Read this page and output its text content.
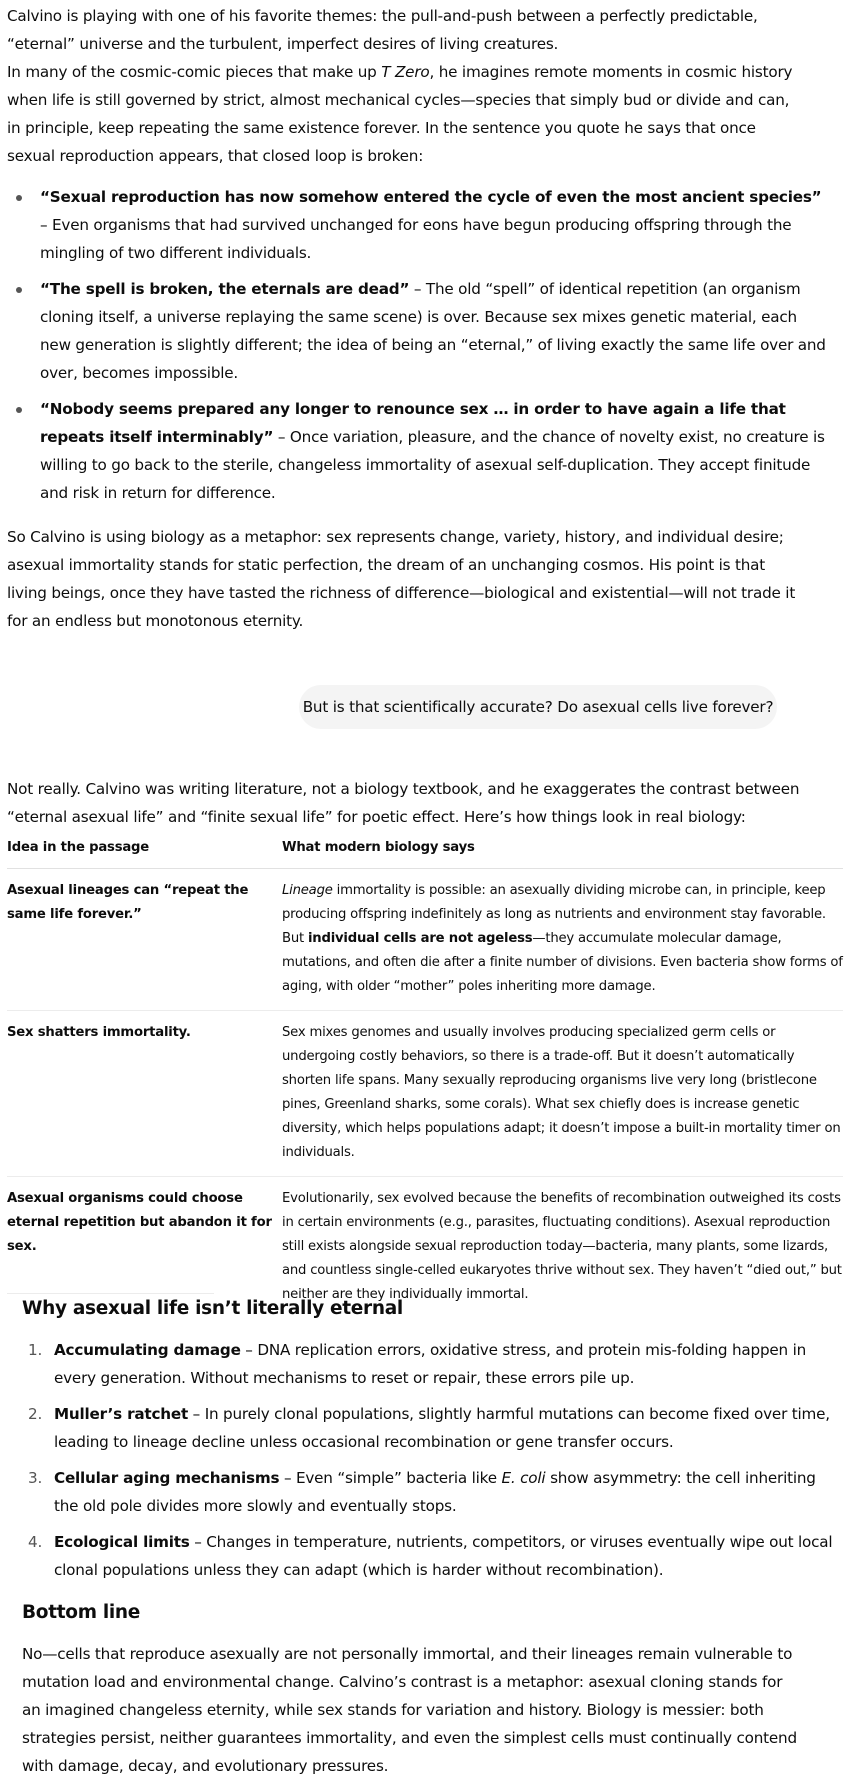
Calvino is playing with one of his favorite themes: the pull-and-push between a perfectly predictable, “eternal” universe and the turbulent, imperfect desires of living creatures.

In many of the cosmic-comic pieces that make up T Zero, he imagines remote moments in cosmic history when life is still governed by strict, almost mechanical cycles—species that simply bud or divide and can, in principle, keep repeating the same existence forever. In the sentence you quote he says that once sexual reproduction appears, that closed loop is broken:

“Sexual reproduction has now somehow entered the cycle of even the most ancient species” – Even organisms that had survived unchanged for eons have begun producing offspring through the mingling of two different individuals.
“The spell is broken, the eternals are dead” – The old “spell” of identical repetition (an organism cloning itself, a universe replaying the same scene) is over. Because sex mixes genetic material, each new generation is slightly different; the idea of being an “eternal,” of living exactly the same life over and over, becomes impossible.
“Nobody seems prepared any longer to renounce sex … in order to have again a life that repeats itself interminably” – Once variation, pleasure, and the chance of novelty exist, no creature is willing to go back to the sterile, changeless immortality of asexual self-duplication. They accept finitude and risk in return for difference.

So Calvino is using biology as a metaphor: sex represents change, variety, history, and individual desire; asexual immortality stands for static perfection, the dream of an unchanging cosmos. His point is that living beings, once they have tasted the richness of difference—biological and existential—will not trade it for an endless but monotonous eternity.

But is that scientifically accurate? Do asexual cells live forever?

Not really. Calvino was writing literature, not a biology textbook, and he exaggerates the contrast between “eternal asexual life” and “finite sexual life” for poetic effect. Here’s how things look in real biology:

Idea in the passage	What modern biology says
Asexual lineages can “repeat the same life forever.”	Lineage immortality is possible: an asexually dividing microbe can, in principle, keep producing offspring indefinitely as long as nutrients and environment stay favorable. But individual cells are not ageless—they accumulate molecular damage, mutations, and often die after a finite number of divisions. Even bacteria show forms of aging, with older “mother” poles inheriting more damage.
Sex shatters immortality.	Sex mixes genomes and usually involves producing specialized germ cells or undergoing costly behaviors, so there is a trade-off. But it doesn’t automatically shorten life spans. Many sexually reproducing organisms live very long (bristlecone pines, Greenland sharks, some corals). What sex chiefly does is increase genetic diversity, which helps populations adapt; it doesn’t impose a built-in mortality timer on individuals.
Asexual organisms could choose eternal repetition but abandon it for sex.	Evolutionarily, sex evolved because the benefits of recombination outweighed its costs in certain environments (e.g., parasites, fluctuating conditions). Asexual reproduction still exists alongside sexual reproduction today—bacteria, many plants, some lizards, and countless single-celled eukaryotes thrive without sex. They haven’t “died out,” but neither are they individually immortal.
Why asexual life isn’t literally eternal
1. Accumulating damage – DNA replication errors, oxidative stress, and protein mis-folding happen in every generation. Without mechanisms to reset or repair, these errors pile up.
2. Muller’s ratchet – In purely clonal populations, slightly harmful mutations can become fixed over time, leading to lineage decline unless occasional recombination or gene transfer occurs.
3. Cellular aging mechanisms – Even “simple” bacteria like E. coli show asymmetry: the cell inheriting the old pole divides more slowly and eventually stops.
4. Ecological limits – Changes in temperature, nutrients, competitors, or viruses eventually wipe out local clonal populations unless they can adapt (which is harder without recombination).
Bottom line

No—cells that reproduce asexually are not personally immortal, and their lineages remain vulnerable to mutation load and environmental change. Calvino’s contrast is a metaphor: asexual cloning stands for an imagined changeless eternity, while sex stands for variation and history. Biology is messier: both strategies persist, neither guarantees immortality, and even the simplest cells must continually contend with damage, decay, and evolutionary pressures.
